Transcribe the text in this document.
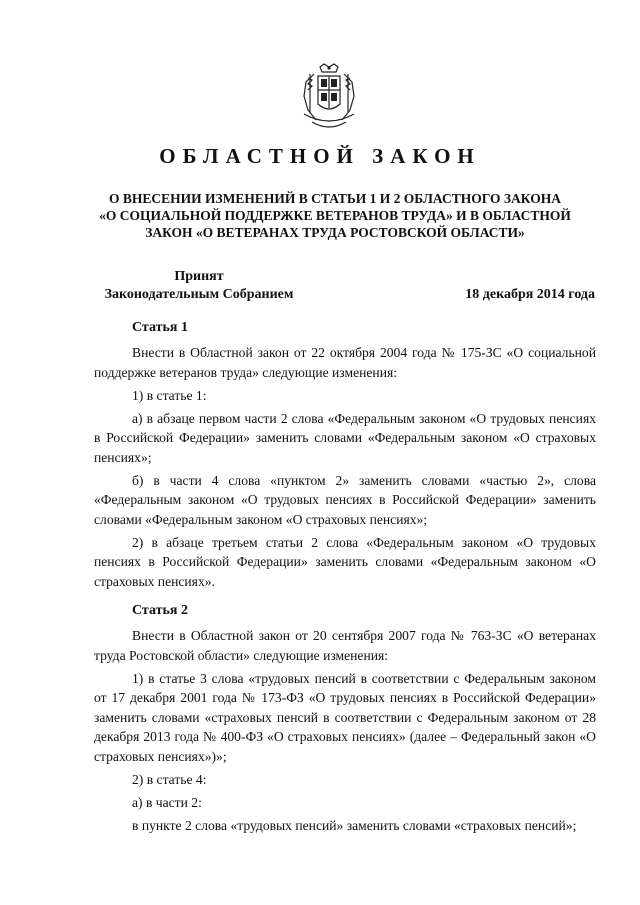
ОБЛАСТНОЙ ЗАКОН
О ВНЕСЕНИИ ИЗМЕНЕНИЙ В СТАТЬИ 1 И 2 ОБЛАСТНОГО ЗАКОНА
«О СОЦИАЛЬНОЙ ПОДДЕРЖКЕ ВЕТЕРАНОВ ТРУДА» И В ОБЛАСТНОЙ
ЗАКОН «О ВЕТЕРАНАХ ТРУДА РОСТОВСКОЙ ОБЛАСТИ»
Принят
Законодательным Собранием	18 декабря 2014 года
Статья 1

Внести в Областной закон от 22 октября 2004 года № 175-ЗС «О социальной поддержке ветеранов труда» следующие изменения:

1) в статье 1:

а) в абзаце первом части 2 слова «Федеральным законом «О трудовых пенсиях в Российской Федерации» заменить словами «Федеральным законом «О страховых пенсиях»;

б) в части 4 слова «пунктом 2» заменить словами «частью 2», слова «Федеральным законом «О трудовых пенсиях в Российской Федерации» заменить словами «Федеральным законом «О страховых пенсиях»;

2) в абзаце третьем статьи 2 слова «Федеральным законом «О трудовых пенсиях в Российской Федерации» заменить словами «Федеральным законом «О страховых пенсиях».

Статья 2

Внести в Областной закон от 20 сентября 2007 года № 763-ЗС «О ветеранах труда Ростовской области» следующие изменения:

1) в статье 3 слова «трудовых пенсий в соответствии с Федеральным законом от 17 декабря 2001 года № 173-ФЗ «О трудовых пенсиях в Российской Федерации» заменить словами «страховых пенсий в соответствии с Федеральным законом от 28 декабря 2013 года № 400-ФЗ «О страховых пенсиях» (далее – Федеральный закон «О страховых пенсиях»)»;

2) в статье 4:

а) в части 2:

в пункте 2 слова «трудовых пенсий» заменить словами «страховых пенсий»;
